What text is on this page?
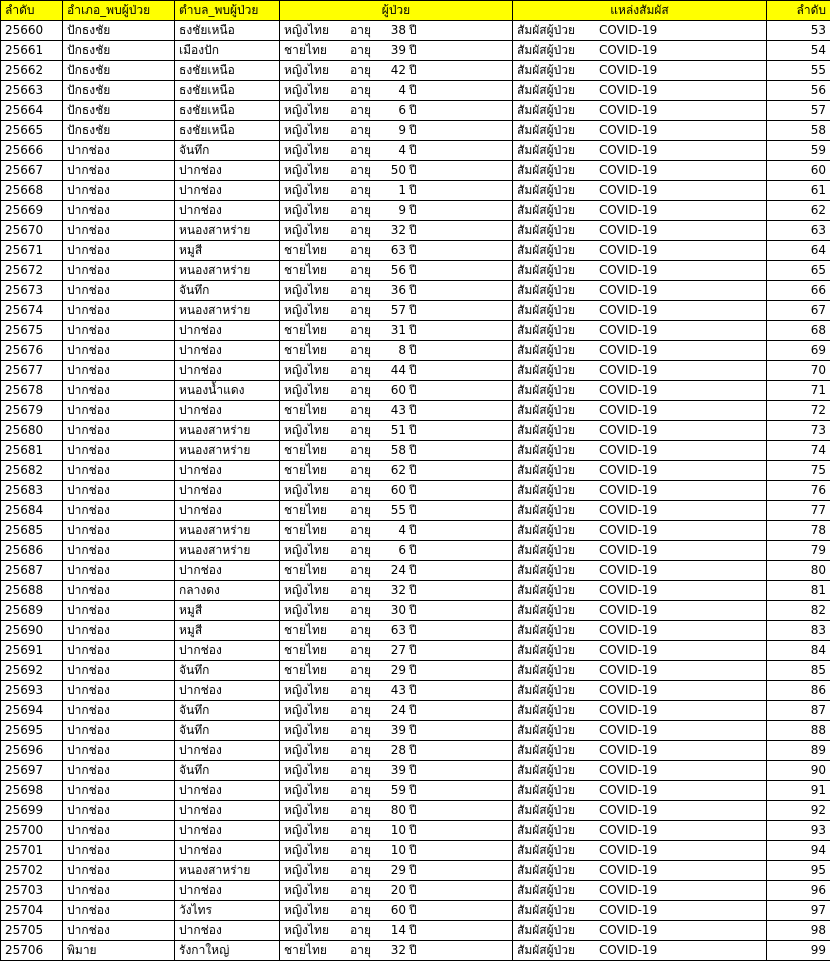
ลำดับ	อำเภอ_พบผู้ป่วย	ตำบล_พบผู้ป่วย	ผู้ป่วย	แหล่งสัมผัส	ลำดับ
25660	ปักธงชัย	ธงชัยเหนือ	หญิงไทย อายุ 38 ปี	สัมผัสผู้ป่วย COVID-19	53
25661	ปักธงชัย	เมืองปัก	ชายไทย อายุ 39 ปี	สัมผัสผู้ป่วย COVID-19	54
25662	ปักธงชัย	ธงชัยเหนือ	หญิงไทย อายุ 42 ปี	สัมผัสผู้ป่วย COVID-19	55
25663	ปักธงชัย	ธงชัยเหนือ	หญิงไทย อายุ 4 ปี	สัมผัสผู้ป่วย COVID-19	56
25664	ปักธงชัย	ธงชัยเหนือ	หญิงไทย อายุ 6 ปี	สัมผัสผู้ป่วย COVID-19	57
25665	ปักธงชัย	ธงชัยเหนือ	หญิงไทย อายุ 9 ปี	สัมผัสผู้ป่วย COVID-19	58
25666	ปากช่อง	จันทึก	หญิงไทย อายุ 4 ปี	สัมผัสผู้ป่วย COVID-19	59
25667	ปากช่อง	ปากช่อง	หญิงไทย อายุ 50 ปี	สัมผัสผู้ป่วย COVID-19	60
25668	ปากช่อง	ปากช่อง	หญิงไทย อายุ 1 ปี	สัมผัสผู้ป่วย COVID-19	61
25669	ปากช่อง	ปากช่อง	หญิงไทย อายุ 9 ปี	สัมผัสผู้ป่วย COVID-19	62
25670	ปากช่อง	หนองสาหร่าย	หญิงไทย อายุ 32 ปี	สัมผัสผู้ป่วย COVID-19	63
25671	ปากช่อง	หมูสี	ชายไทย อายุ 63 ปี	สัมผัสผู้ป่วย COVID-19	64
25672	ปากช่อง	หนองสาหร่าย	ชายไทย อายุ 56 ปี	สัมผัสผู้ป่วย COVID-19	65
25673	ปากช่อง	จันทึก	หญิงไทย อายุ 36 ปี	สัมผัสผู้ป่วย COVID-19	66
25674	ปากช่อง	หนองสาหร่าย	หญิงไทย อายุ 57 ปี	สัมผัสผู้ป่วย COVID-19	67
25675	ปากช่อง	ปากช่อง	ชายไทย อายุ 31 ปี	สัมผัสผู้ป่วย COVID-19	68
25676	ปากช่อง	ปากช่อง	ชายไทย อายุ 8 ปี	สัมผัสผู้ป่วย COVID-19	69
25677	ปากช่อง	ปากช่อง	หญิงไทย อายุ 44 ปี	สัมผัสผู้ป่วย COVID-19	70
25678	ปากช่อง	หนองน้ำแดง	หญิงไทย อายุ 60 ปี	สัมผัสผู้ป่วย COVID-19	71
25679	ปากช่อง	ปากช่อง	ชายไทย อายุ 43 ปี	สัมผัสผู้ป่วย COVID-19	72
25680	ปากช่อง	หนองสาหร่าย	หญิงไทย อายุ 51 ปี	สัมผัสผู้ป่วย COVID-19	73
25681	ปากช่อง	หนองสาหร่าย	ชายไทย อายุ 58 ปี	สัมผัสผู้ป่วย COVID-19	74
25682	ปากช่อง	ปากช่อง	ชายไทย อายุ 62 ปี	สัมผัสผู้ป่วย COVID-19	75
25683	ปากช่อง	ปากช่อง	หญิงไทย อายุ 60 ปี	สัมผัสผู้ป่วย COVID-19	76
25684	ปากช่อง	ปากช่อง	ชายไทย อายุ 55 ปี	สัมผัสผู้ป่วย COVID-19	77
25685	ปากช่อง	หนองสาหร่าย	ชายไทย อายุ 4 ปี	สัมผัสผู้ป่วย COVID-19	78
25686	ปากช่อง	หนองสาหร่าย	หญิงไทย อายุ 6 ปี	สัมผัสผู้ป่วย COVID-19	79
25687	ปากช่อง	ปากช่อง	ชายไทย อายุ 24 ปี	สัมผัสผู้ป่วย COVID-19	80
25688	ปากช่อง	กลางดง	หญิงไทย อายุ 32 ปี	สัมผัสผู้ป่วย COVID-19	81
25689	ปากช่อง	หมูสี	หญิงไทย อายุ 30 ปี	สัมผัสผู้ป่วย COVID-19	82
25690	ปากช่อง	หมูสี	ชายไทย อายุ 63 ปี	สัมผัสผู้ป่วย COVID-19	83
25691	ปากช่อง	ปากช่อง	ชายไทย อายุ 27 ปี	สัมผัสผู้ป่วย COVID-19	84
25692	ปากช่อง	จันทึก	ชายไทย อายุ 29 ปี	สัมผัสผู้ป่วย COVID-19	85
25693	ปากช่อง	ปากช่อง	หญิงไทย อายุ 43 ปี	สัมผัสผู้ป่วย COVID-19	86
25694	ปากช่อง	จันทึก	หญิงไทย อายุ 24 ปี	สัมผัสผู้ป่วย COVID-19	87
25695	ปากช่อง	จันทึก	หญิงไทย อายุ 39 ปี	สัมผัสผู้ป่วย COVID-19	88
25696	ปากช่อง	ปากช่อง	หญิงไทย อายุ 28 ปี	สัมผัสผู้ป่วย COVID-19	89
25697	ปากช่อง	จันทึก	หญิงไทย อายุ 39 ปี	สัมผัสผู้ป่วย COVID-19	90
25698	ปากช่อง	ปากช่อง	หญิงไทย อายุ 59 ปี	สัมผัสผู้ป่วย COVID-19	91
25699	ปากช่อง	ปากช่อง	หญิงไทย อายุ 80 ปี	สัมผัสผู้ป่วย COVID-19	92
25700	ปากช่อง	ปากช่อง	หญิงไทย อายุ 10 ปี	สัมผัสผู้ป่วย COVID-19	93
25701	ปากช่อง	ปากช่อง	หญิงไทย อายุ 10 ปี	สัมผัสผู้ป่วย COVID-19	94
25702	ปากช่อง	หนองสาหร่าย	หญิงไทย อายุ 29 ปี	สัมผัสผู้ป่วย COVID-19	95
25703	ปากช่อง	ปากช่อง	หญิงไทย อายุ 20 ปี	สัมผัสผู้ป่วย COVID-19	96
25704	ปากช่อง	วังไทร	หญิงไทย อายุ 60 ปี	สัมผัสผู้ป่วย COVID-19	97
25705	ปากช่อง	ปากช่อง	หญิงไทย อายุ 14 ปี	สัมผัสผู้ป่วย COVID-19	98
25706	พิมาย	รังกาใหญ่	ชายไทย อายุ 32 ปี	สัมผัสผู้ป่วย COVID-19	99
